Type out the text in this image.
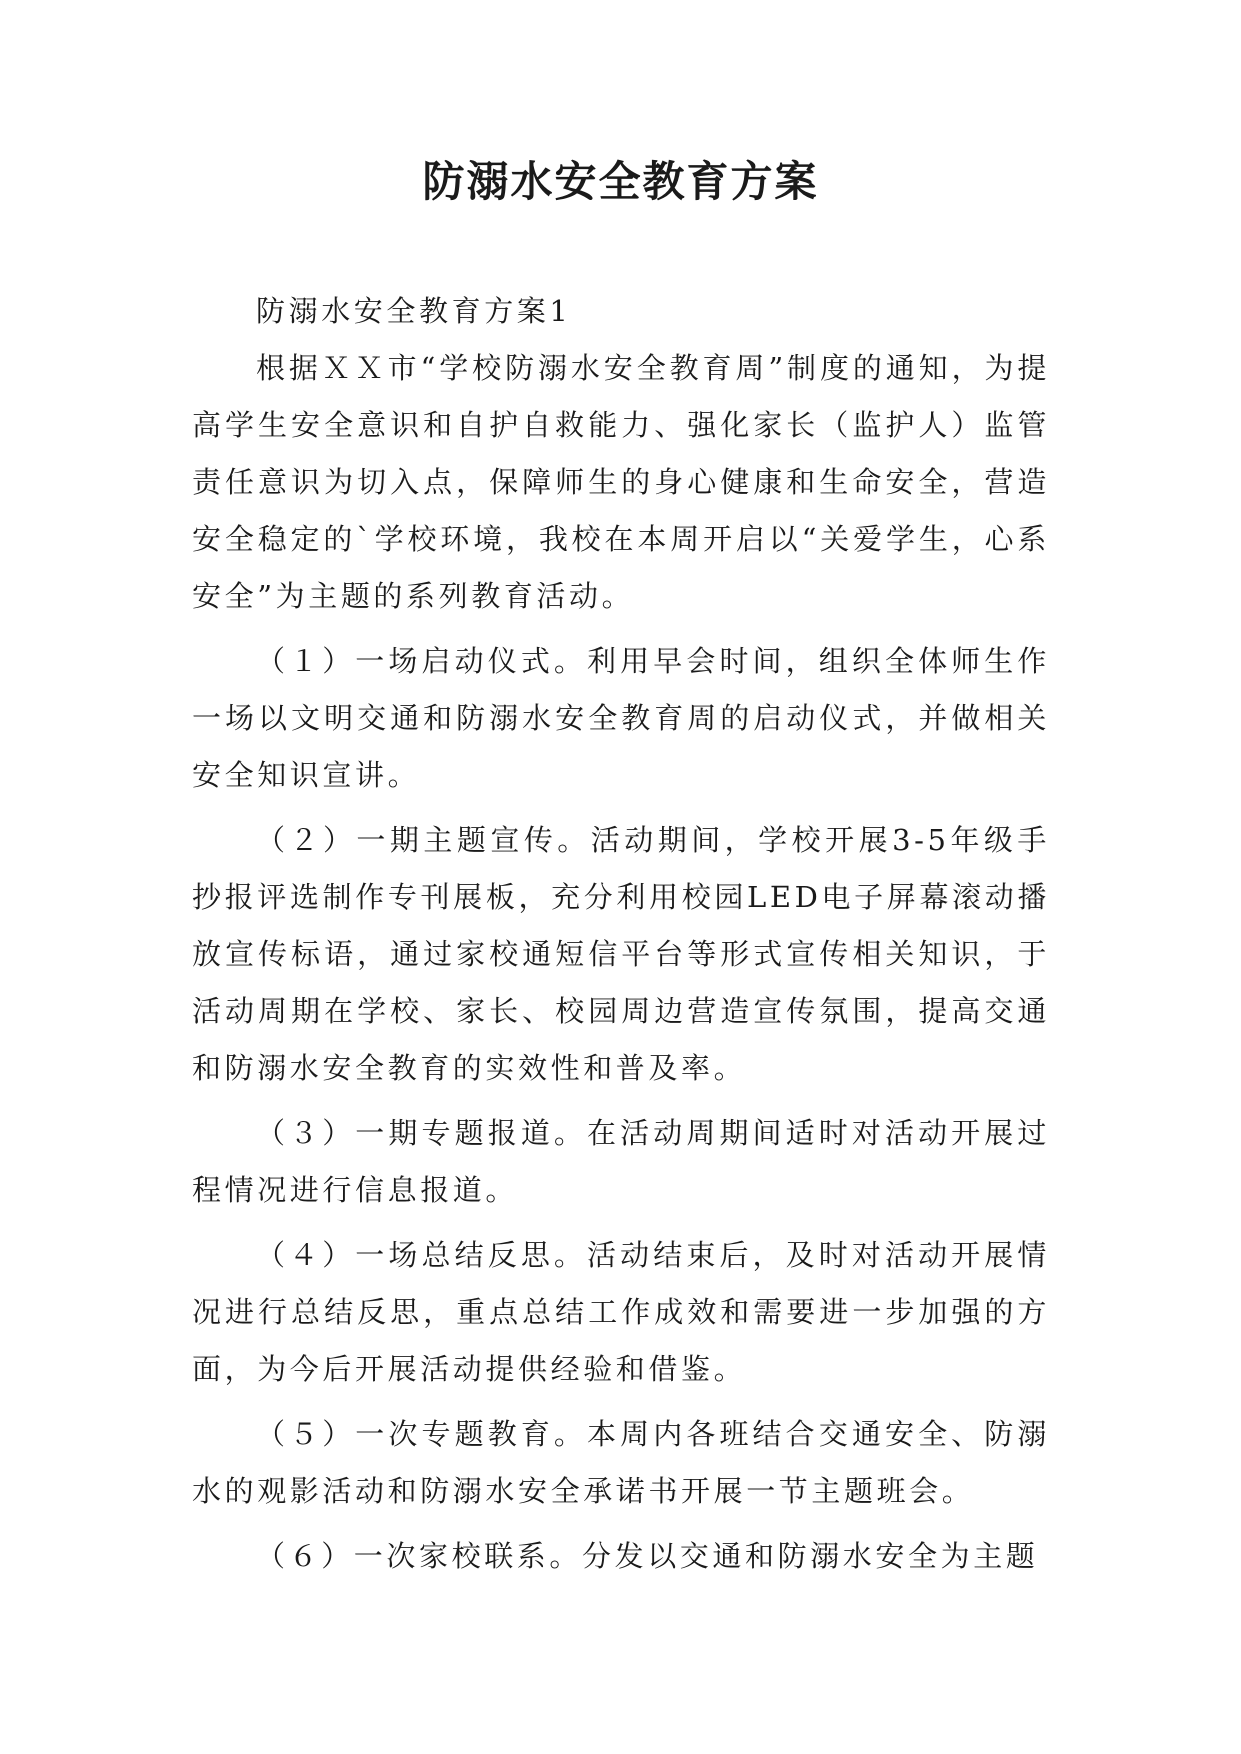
防溺水安全教育方案

防溺水安全教育方案1

根据ＸＸ市“学校防溺水安全教育周”制度的通知，为提高学生安全意识和自护自救能力、强化家长（监护人）监管责任意识为切入点，保障师生的身心健康和生命安全，营造安全稳定的`学校环境，我校在本周开启以“关爱学生，心系安全”为主题的系列教育活动。

（１）一场启动仪式。利用早会时间，组织全体师生作一场以文明交通和防溺水安全教育周的启动仪式，并做相关安全知识宣讲。

（２）一期主题宣传。活动期间，学校开展3-5年级手抄报评选制作专刊展板，充分利用校园LED电子屏幕滚动播放宣传标语，通过家校通短信平台等形式宣传相关知识，于活动周期在学校、家长、校园周边营造宣传氛围，提高交通和防溺水安全教育的实效性和普及率。

（３）一期专题报道。在活动周期间适时对活动开展过程情况进行信息报道。

（４）一场总结反思。活动结束后，及时对活动开展情况进行总结反思，重点总结工作成效和需要进一步加强的方面，为今后开展活动提供经验和借鉴。

（５）一次专题教育。本周内各班结合交通安全、防溺水的观影活动和防溺水安全承诺书开展一节主题班会。

（６）一次家校联系。分发以交通和防溺水安全为主题
